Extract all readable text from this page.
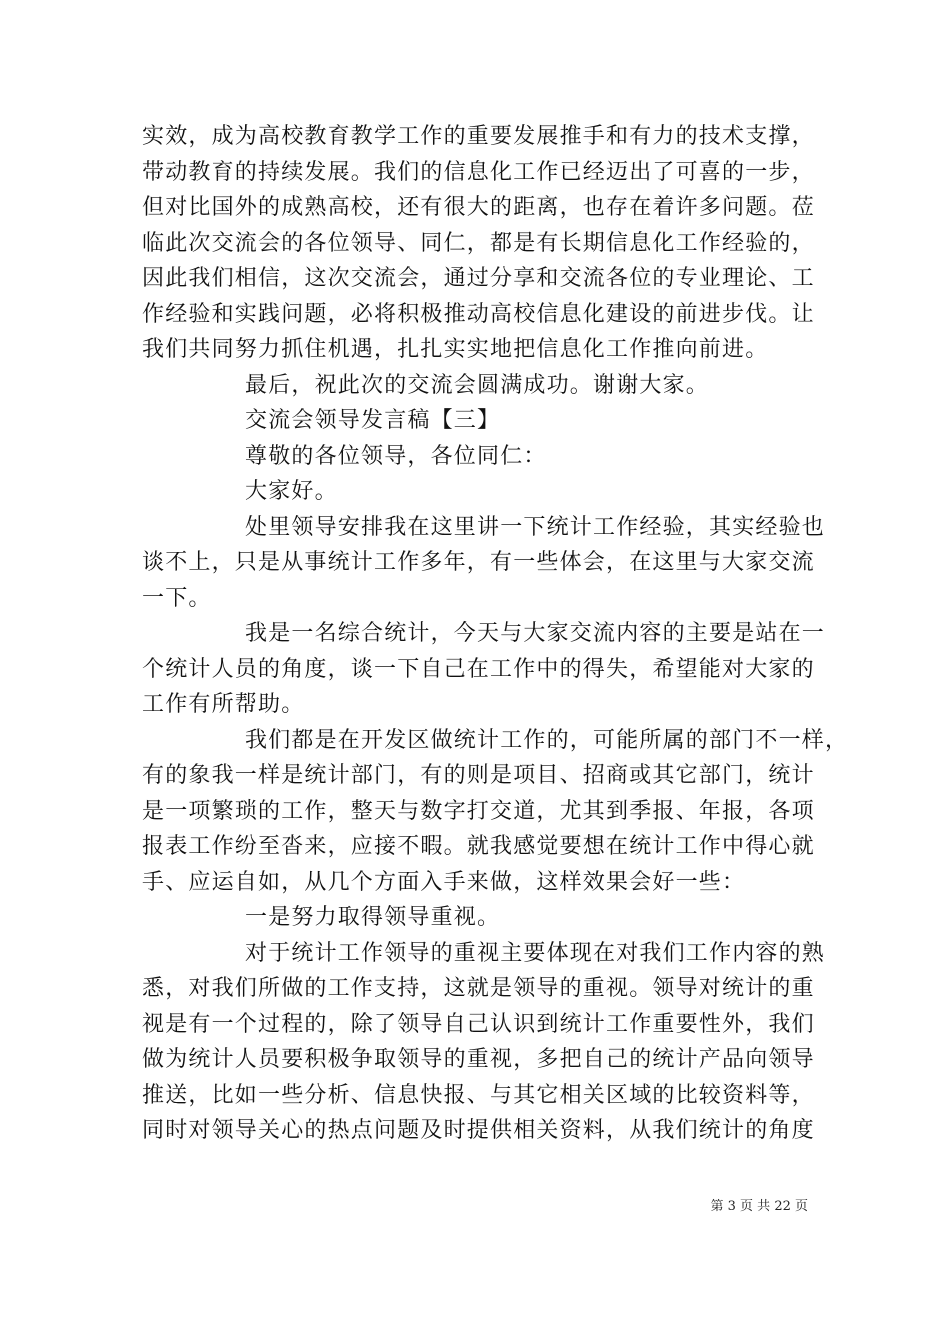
实效，成为高校教育教学工作的重要发展推手和有力的技术支撑，
带动教育的持续发展。我们的信息化工作已经迈出了可喜的一步，
但对比国外的成熟高校，还有很大的距离，也存在着许多问题。莅
临此次交流会的各位领导、同仁，都是有长期信息化工作经验的，
因此我们相信，这次交流会，通过分享和交流各位的专业理论、工
作经验和实践问题，必将积极推动高校信息化建设的前进步伐。让
我们共同努力抓住机遇，扎扎实实地把信息化工作推向前进。
最后，祝此次的交流会圆满成功。谢谢大家。
交流会领导发言稿【三】
尊敬的各位领导，各位同仁：
大家好。
处里领导安排我在这里讲一下统计工作经验，其实经验也
谈不上，只是从事统计工作多年，有一些体会，在这里与大家交流
一下。
我是一名综合统计，今天与大家交流内容的主要是站在一
个统计人员的角度，谈一下自己在工作中的得失，希望能对大家的
工作有所帮助。
我们都是在开发区做统计工作的，可能所属的部门不一样，
有的象我一样是统计部门，有的则是项目、招商或其它部门，统计
是一项繁琐的工作，整天与数字打交道，尤其到季报、年报，各项
报表工作纷至沓来，应接不暇。就我感觉要想在统计工作中得心就
手、应运自如，从几个方面入手来做，这样效果会好一些：
一是努力取得领导重视。
对于统计工作领导的重视主要体现在对我们工作内容的熟
悉，对我们所做的工作支持，这就是领导的重视。领导对统计的重
视是有一个过程的，除了领导自己认识到统计工作重要性外，我们
做为统计人员要积极争取领导的重视，多把自己的统计产品向领导
推送，比如一些分析、信息快报、与其它相关区域的比较资料等，
同时对领导关心的热点问题及时提供相关资料，从我们统计的角度
第 3 页 共 22 页
